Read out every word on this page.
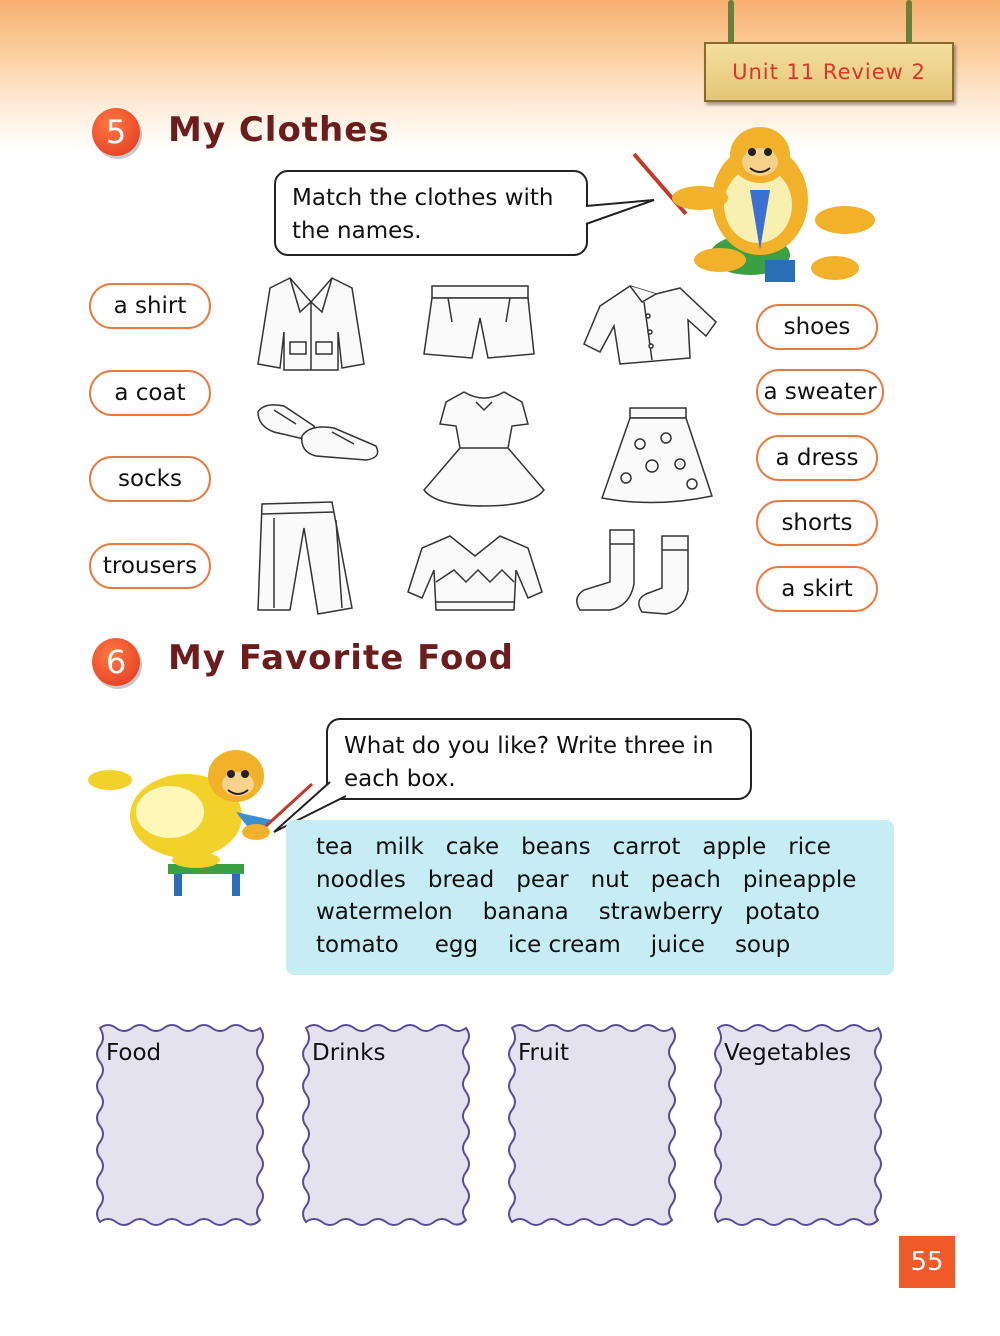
Unit 11 Review 2
5	My Clothes
Match the clothes with the names.
a shirt
a coat
socks
trousers
shoes
a sweater
a dress
shorts
a skirt
6	My Favorite Food
What do you like? Write three in each box.
tea milk cake beans carrot apple rice
noodles bread pear nut peach pineapple
watermelon banana strawberry potato
tomato egg ice cream juice soup
Food	Drinks	Fruit	Vegetables
55
